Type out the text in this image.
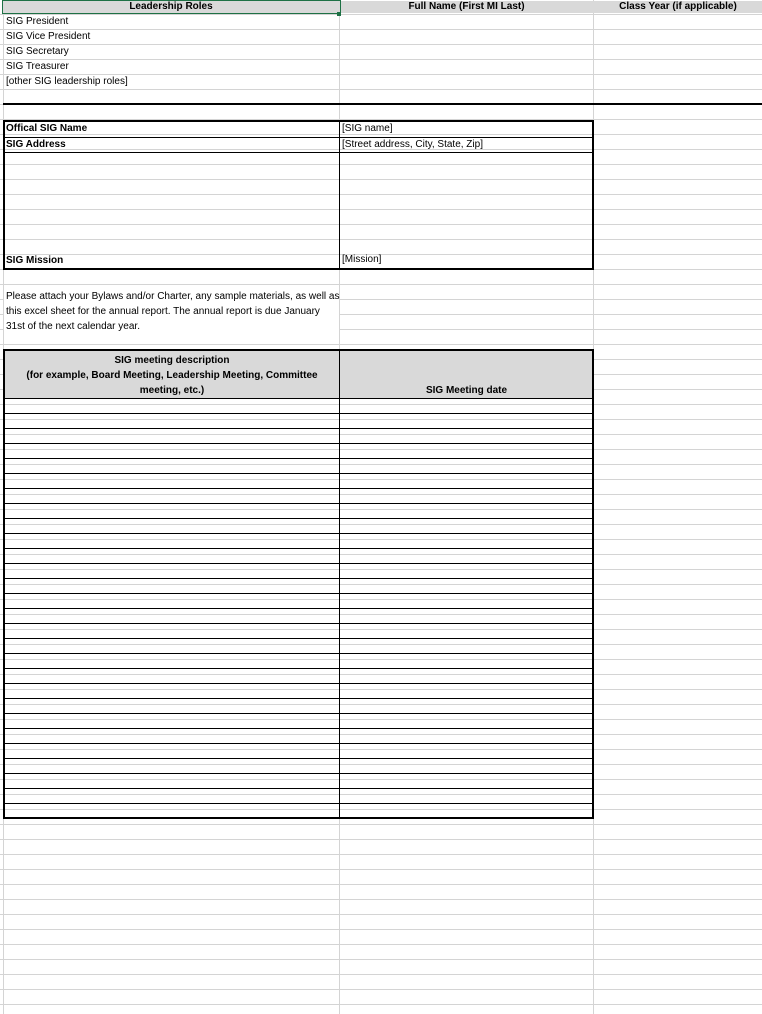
Leadership Roles	Full Name (First MI Last)	Class Year (if applicable)
SIG President
SIG Vice President
SIG Secretary
SIG Treasurer
[other SIG leadership roles]
Offical SIG Name	[SIG name]
SIG Address	[Street address, City, State, Zip]
SIG Mission	[Mission]
Please attach your Bylaws and/or Charter, any sample materials, as well as
this excel sheet for the annual report. The annual report is due January
31st of the next calendar year.
SIG meeting description
(for example, Board Meeting, Leadership Meeting, Committee
meeting, etc.)	SIG Meeting date
